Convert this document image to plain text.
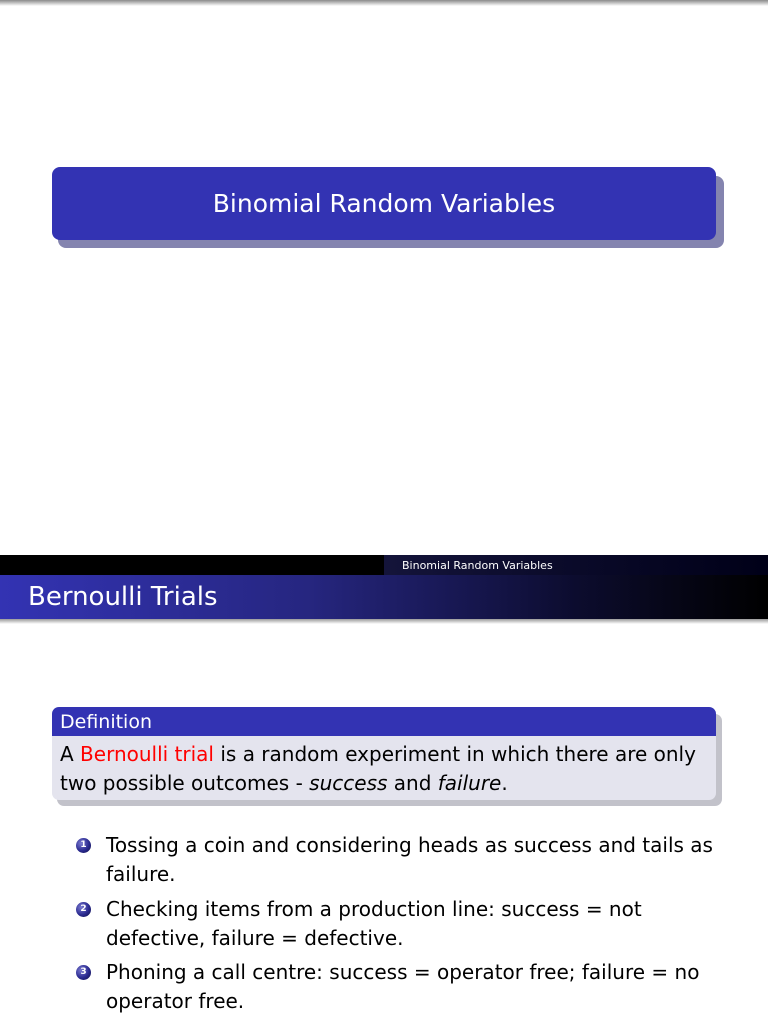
Binomial Random Variables
Binomial Random Variables
Bernoulli Trials
Definition
A Bernoulli trial is a random experiment in which there are only two possible outcomes - success and failure.
1 Tossing a coin and considering heads as success and tails as failure.
2 Checking items from a production line: success = not defective, failure = defective.
3 Phoning a call centre: success = operator free; failure = no operator free.
